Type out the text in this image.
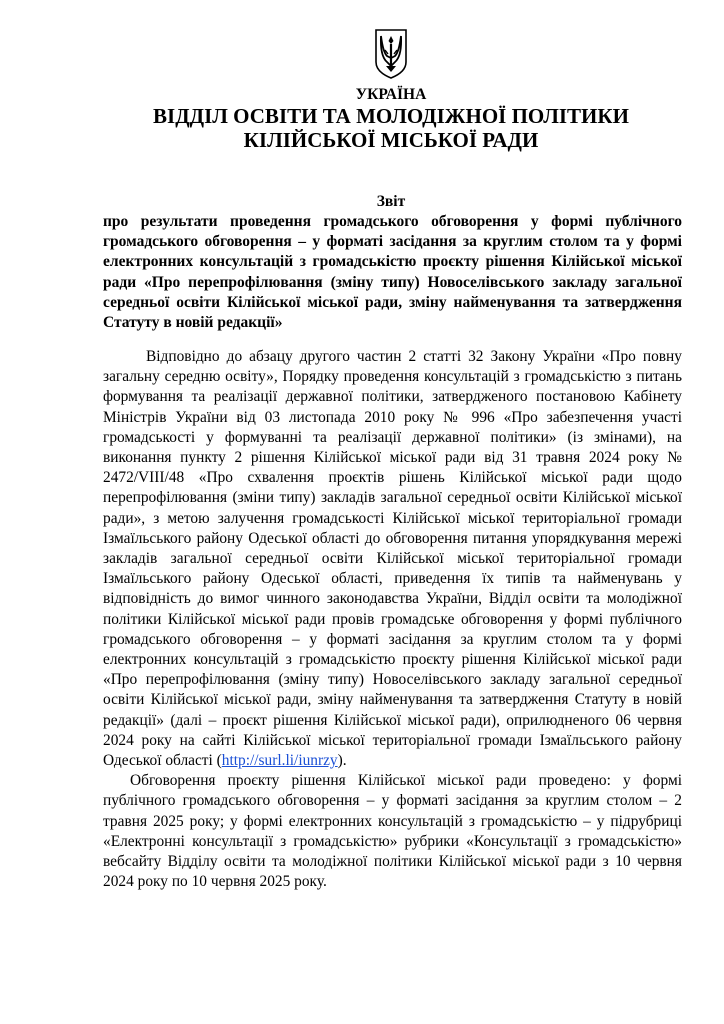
УКРАЇНА
ВІДДІЛ ОСВІТИ ТА МОЛОДІЖНОЇ ПОЛІТИКИ
КІЛІЙСЬКОЇ МІСЬКОЇ РАДИ
Звіт
про результати проведення громадського обговорення у формі публічного громадського обговорення – у форматі засідання за круглим столом та у формі електронних консультацій з громадськістю проєкту рішення Кілійської міської ради «Про перепрофілювання (зміну типу) Новоселівського закладу загальної середньої освіти Кілійської міської ради, зміну найменування та затвердження Статуту в новій редакції»

Відповідно до абзацу другого частин 2 статті 32 Закону України «Про повну загальну середню освіту», Порядку проведення консультацій з громадськістю з питань формування та реалізації державної політики, затвердженого постановою Кабінету Міністрів України від 03 листопада 2010 року № 996 «Про забезпечення участі громадськості у формуванні та реалізації державної політики» (із змінами), на виконання пункту 2 рішення Кілійської міської ради від 31 травня 2024 року № 2472/VIII/48 «Про схвалення проєктів рішень Кілійської міської ради щодо перепрофілювання (зміни типу) закладів загальної середньої освіти Кілійської міської ради», з метою залучення громадськості Кілійської міської територіальної громади Ізмаїльського району Одеської області до обговорення питання упорядкування мережі закладів загальної середньої освіти Кілійської міської територіальної громади Ізмаїльського району Одеської області, приведення їх типів та найменувань у відповідність до вимог чинного законодавства України, Відділ освіти та молодіжної політики Кілійської міської ради провів громадське обговорення у формі публічного громадського обговорення – у форматі засідання за круглим столом та у формі електронних консультацій з громадськістю проєкту рішення Кілійської міської ради «Про перепрофілювання (зміну типу) Новоселівського закладу загальної середньої освіти Кілійської міської ради, зміну найменування та затвердження Статуту в новій редакції» (далі – проєкт рішення Кілійської міської ради), оприлюдненого 06 червня 2024 року на сайті Кілійської міської територіальної громади Ізмаїльського району Одеської області (http://surl.li/iunrzy).

Обговорення проєкту рішення Кілійської міської ради проведено: у формі публічного громадського обговорення – у форматі засідання за круглим столом – 2 травня 2025 року; у формі електронних консультацій з громадськістю – у підрубриці «Електронні консультації з громадськістю» рубрики «Консультації з громадськістю» вебсайту Відділу освіти та молодіжної політики Кілійської міської ради з 10 червня 2024 року по 10 червня 2025 року.
